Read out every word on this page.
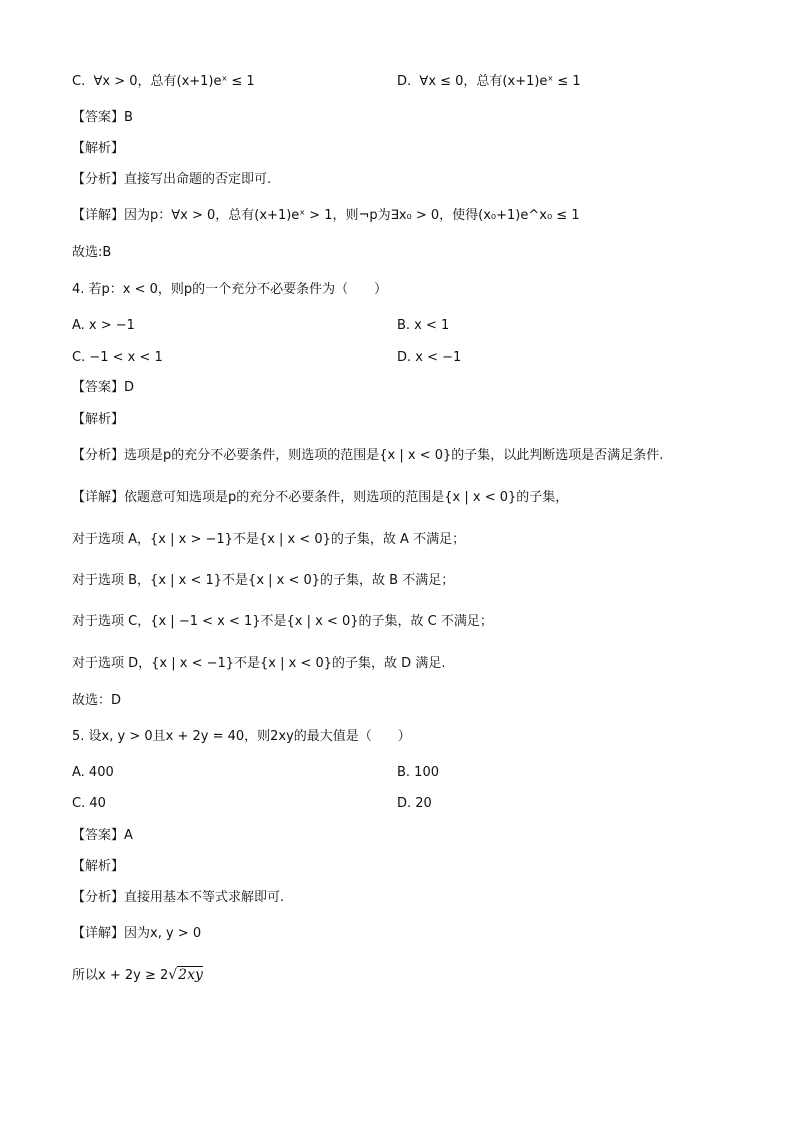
C. ∀x > 0，总有(x+1)eˣ ≤ 1	D. ∀x ≤ 0，总有(x+1)eˣ ≤ 1
【答案】B
【解析】
【分析】直接写出命题的否定即可.
【详解】因为p：∀x > 0，总有(x+1)eˣ > 1，则¬p为∃x₀ > 0，使得(x₀+1)e^x₀ ≤ 1
故选:B
4. 若p：x < 0，则p的一个充分不必要条件为（　　）
A. x > −1	B. x < 1
C. −1 < x < 1	D. x < −1
【答案】D
【解析】
【分析】选项是p的充分不必要条件，则选项的范围是{x | x < 0}的子集，以此判断选项是否满足条件.
【详解】依题意可知选项是p的充分不必要条件，则选项的范围是{x | x < 0}的子集，
对于选项 A，{x | x > −1}不是{x | x < 0}的子集，故 A 不满足；
对于选项 B，{x | x < 1}不是{x | x < 0}的子集，故 B 不满足；
对于选项 C，{x | −1 < x < 1}不是{x | x < 0}的子集，故 C 不满足；
对于选项 D，{x | x < −1}不是{x | x < 0}的子集，故 D 满足.
故选：D
5. 设x, y > 0且x + 2y = 40，则2xy的最大值是（　　）
A. 400	B. 100
C. 40	D. 20
【答案】A
【解析】
【分析】直接用基本不等式求解即可.
【详解】因为x, y > 0
所以x + 2y ≥ 2√2xy
